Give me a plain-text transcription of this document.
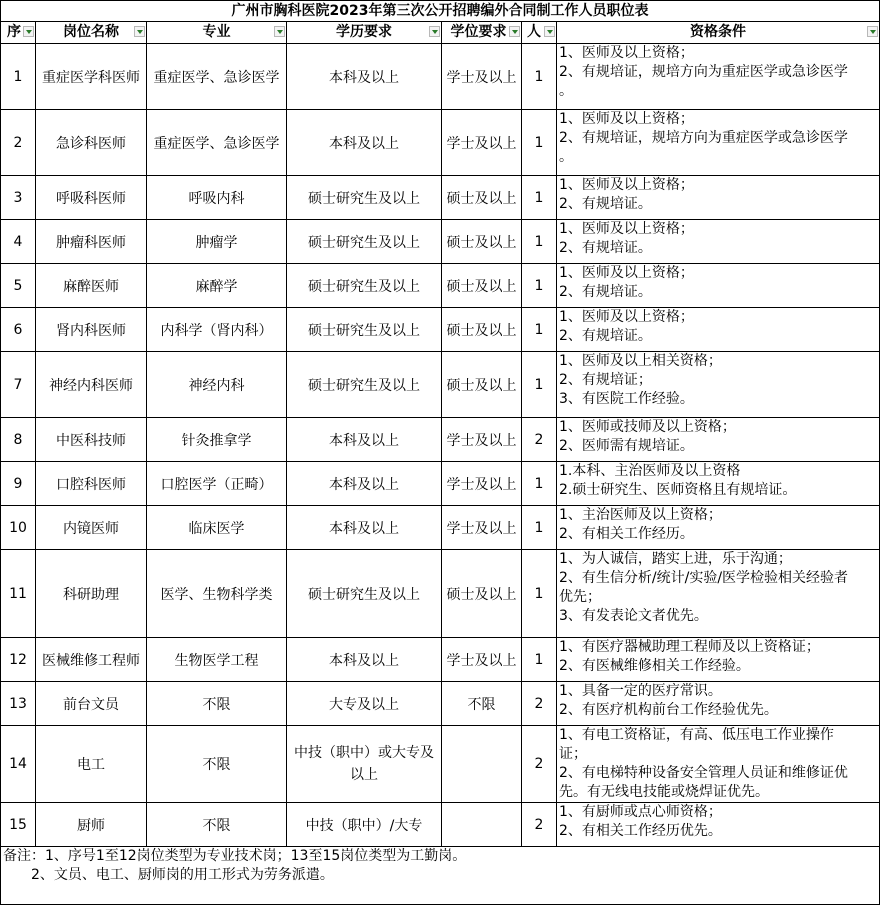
广州市胸科医院2023年第三次公开招聘编外合同制工作人员职位表						
序	岗位名称	专业	学历要求	学位要求	人	资格条件

1	重症医学科医师	重症医学、急诊医学	本科及以上	学士及以上	1	1、医师及以上资格；
2、有规培证，规培方向为重症医学或急诊医学
。

2	急诊科医师	重症医学、急诊医学	本科及以上	学士及以上	1	1、医师及以上资格；
2、有规培证，规培方向为重症医学或急诊医学
。

3	呼吸科医师	呼吸内科	硕士研究生及以上	硕士及以上	1	1、医师及以上资格；
2、有规培证。

4	肿瘤科医师	肿瘤学	硕士研究生及以上	硕士及以上	1	1、医师及以上资格；
2、有规培证。

5	麻醉医师	麻醉学	硕士研究生及以上	硕士及以上	1	1、医师及以上资格；
2、有规培证。

6	肾内科医师	内科学（肾内科）	硕士研究生及以上	硕士及以上	1	1、医师及以上资格；
2、有规培证。

7	神经内科医师	神经内科	硕士研究生及以上	硕士及以上	1	1、医师及以上相关资格；
2、有规培证；
3、有医院工作经验。

8	中医科技师	针灸推拿学	本科及以上	学士及以上	2	1、医师或技师及以上资格；
2、医师需有规培证。

9	口腔科医师	口腔医学（正畸）	本科及以上	学士及以上	1	1.本科、主治医师及以上资格
2.硕士研究生、医师资格且有规培证。

10	内镜医师	临床医学	本科及以上	学士及以上	1	1、主治医师及以上资格；
2、有相关工作经历。

11	科研助理	医学、生物科学类	硕士研究生及以上	硕士及以上	1	1、为人诚信，踏实上进，乐于沟通；
2、有生信分析/统计/实验/医学检验相关经验者
优先；
3、有发表论文者优先。

12	医械维修工程师	生物医学工程	本科及以上	学士及以上	1	1、有医疗器械助理工程师及以上资格证；
2、有医械维修相关工作经验。

13	前台文员	不限	大专及以上	不限	2	1、具备一定的医疗常识。
2、有医疗机构前台工作经验优先。

14	电工	不限	中技（职中）或大专及以上		2	1、有电工资格证，有高、低压电工作业操作
证；
2、有电梯特种设备安全管理人员证和维修证优
先。有无线电技能或烧焊证优先。

15	厨师	不限	中技（职中）/大专		2	1、有厨师或点心师资格；
2、有相关工作经历优先。

备注：1、序号1至12岗位类型为专业技术岗；13至15岗位类型为工勤岗。
　　2、文员、电工、厨师岗的用工形式为劳务派遣。						
